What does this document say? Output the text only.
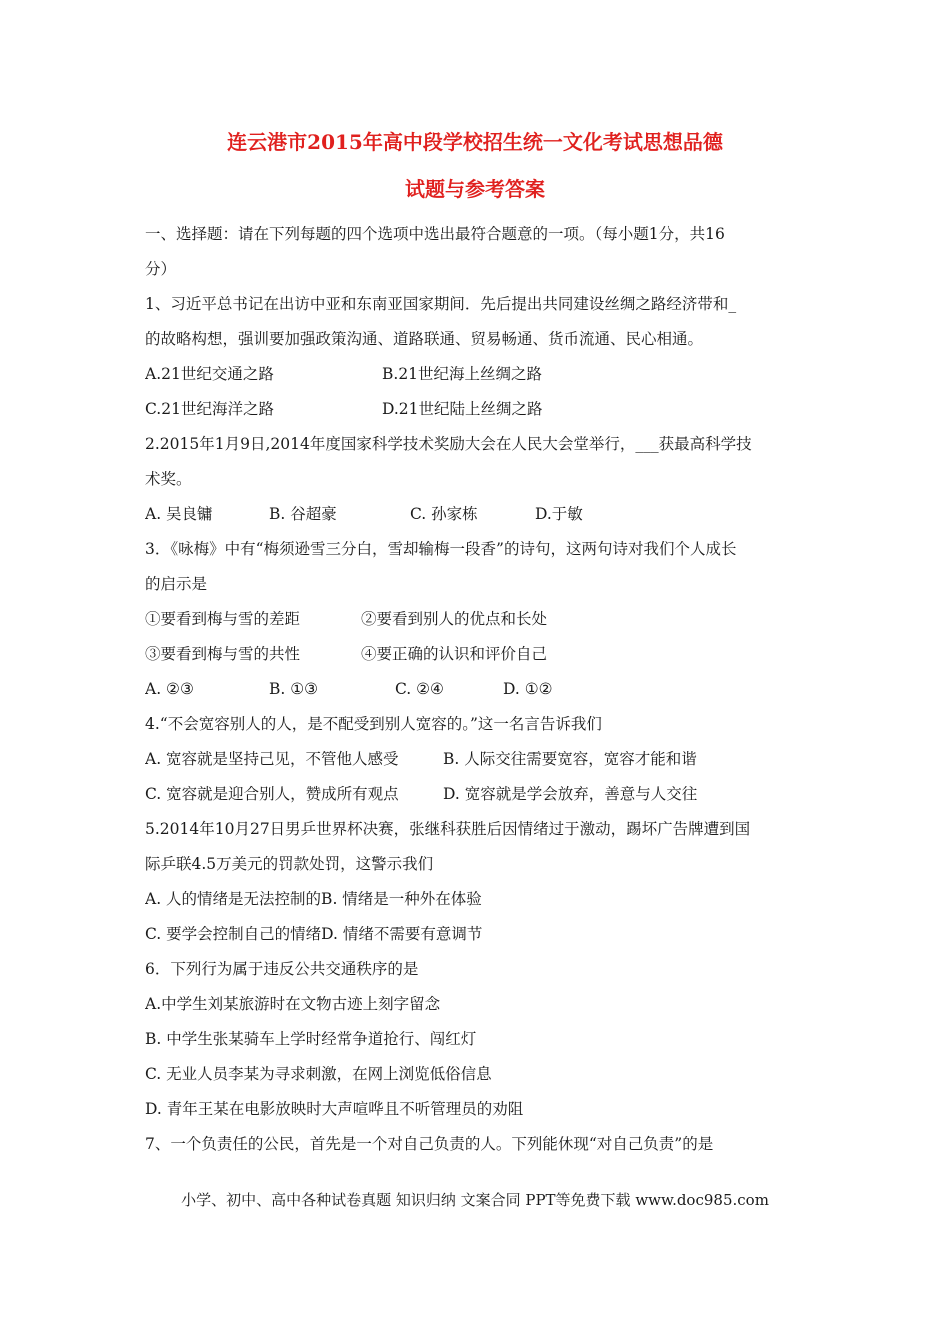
连云港市2015年高中段学校招生统一文化考试思想品德
试题与参考答案
一、选择题：请在下列每题的四个选项中选出最符合题意的一项。（每小题1分，共16
分）
1、习近平总书记在出访中亚和东南亚国家期间．先后提出共同建设丝绸之路经济带和_
的故略构想，强训要加强政策沟通、道路联通、贸易畅通、货币流通、民心相通。
A.21世纪交通之路	B.21世纪海上丝绸之路
C.21世纪海洋之路	D.21世纪陆上丝绸之路
2.2015年1月9日,2014年度国家科学技术奖励大会在人民大会堂举行，___获最高科学技
术奖。
A. 吴良镛	B. 谷超豪	C. 孙家栋	D.于敏
3．《咏梅》中有“梅须逊雪三分白，雪却输梅一段香”的诗句，这两句诗对我们个人成长
的启示是
①要看到梅与雪的差距	②要看到别人的优点和长处
③要看到梅与雪的共性	④要正确的认识和评价自己
A. ②③	B. ①③	C. ②④	D. ①②
4.“不会宽容别人的人，是不配受到别人宽容的。”这一名言告诉我们
A. 宽容就是坚持己见，不管他人感受	B. 人际交往需要宽容，宽容才能和谐
C. 宽容就是迎合别人，赞成所有观点	D. 宽容就是学会放弃，善意与人交往
5.2014年10月27日男乒世界杯决赛，张继科获胜后因情绪过于激动，踢坏广告牌遭到国
际乒联4.5万美元的罚款处罚，这警示我们
A. 人的情绪是无法控制的B. 情绪是一种外在体验
C. 要学会控制自己的情绪D. 情绪不需要有意调节
6．下列行为属于违反公共交通秩序的是
A.中学生刘某旅游时在文物古迹上刻字留念
B. 中学生张某骑车上学时经常争道抢行、闯红灯
C. 无业人员李某为寻求刺激，在网上浏览低俗信息
D. 青年王某在电影放映时大声喧哗且不听管理员的劝阻
7、一个负责任的公民，首先是一个对自己负责的人。下列能休现“对自己负责”的是
小学、初中、高中各种试卷真题 知识归纳 文案合同 PPT等免费下载 www.doc985.com
